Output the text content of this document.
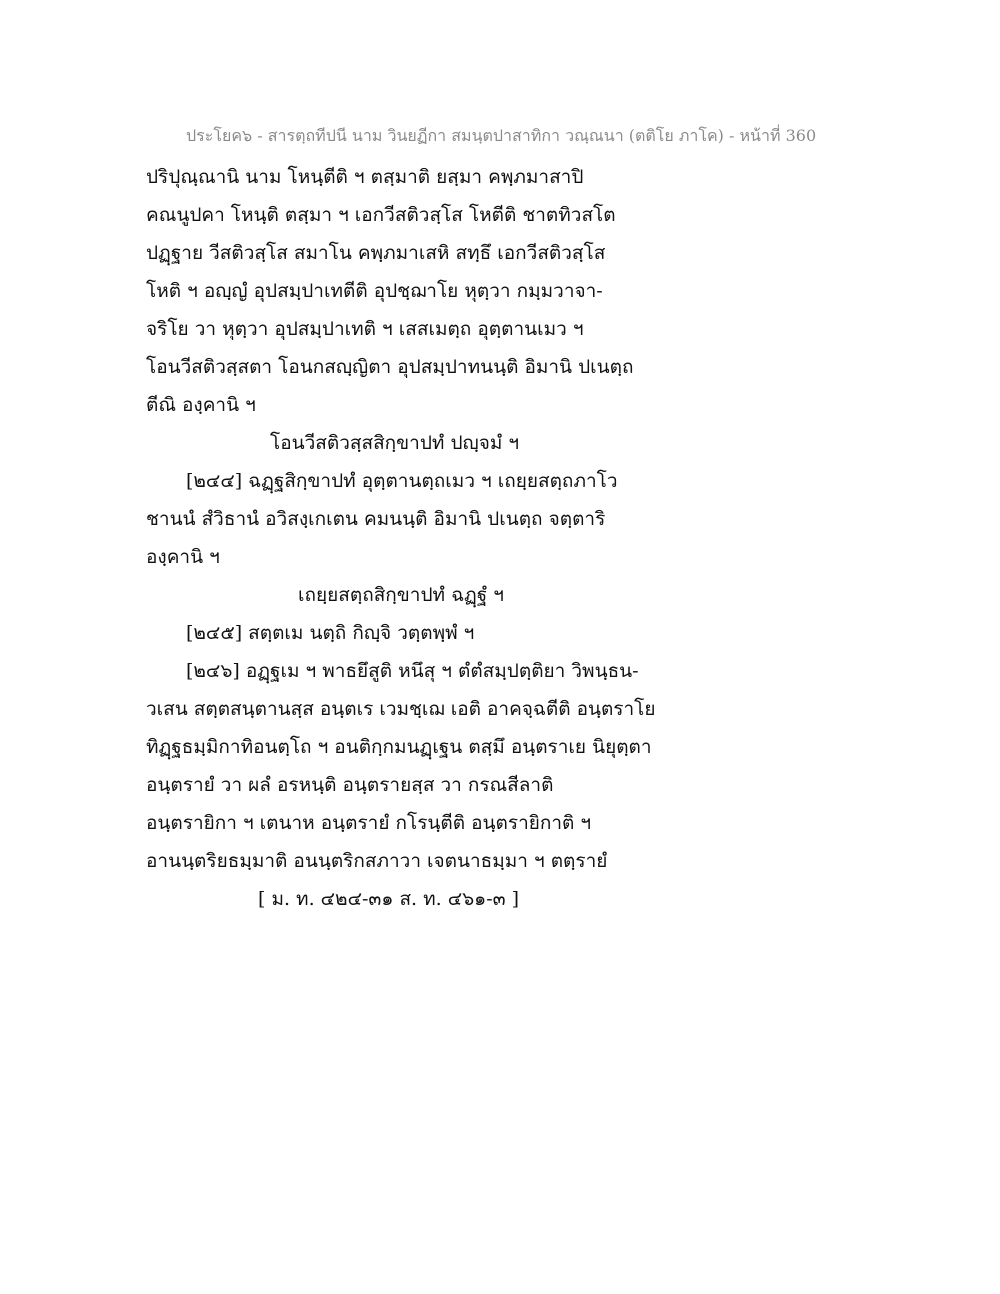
ประโยค๖ - สารตฺถทีปนี นาม วินยฏีกา สมนฺตปาสาทิกา วณฺณนา (ตติโย ภาโค) - หน้าที่ 360
ปริปุณฺณานิ นาม โหนฺตีติ ฯ ตสฺมาติ ยสฺมา คพฺภมาสาปิ
คณนูปคา โหนฺติ ตสฺมา ฯ เอกวีสติวสฺโส โหตีติ ชาตทิวสโต
ปฏฺฐาย วีสติวสฺโส สมาโน คพฺภมาเสหิ สทฺธึ เอกวีสติวสฺโส
โหติ ฯ อญฺญํ อุปสมฺปาเทตีติ อุปชฺฌาโย หุตฺวา กมฺมวาจา-
จริโย วา หุตฺวา อุปสมฺปาเทติ ฯ เสสเมตฺถ อุตฺตานเมว ฯ
โอนวีสติวสฺสตา โอนกสญฺญิตา อุปสมฺปาทนนฺติ อิมานิ ปเนตฺถ
ตีณิ องฺคานิ ฯ
โอนวีสติวสฺสสิกฺขาปทํ ปญฺจมํ ฯ
[๒๔๔] ฉฏฺฐสิกฺขาปทํ อุตฺตานตฺถเมว ฯ เถยฺยสตฺถภาโว
ชานนํ สํวิธานํ อวิสงฺเกเตน คมนนฺติ อิมานิ ปเนตฺถ จตฺตาริ
องฺคานิ ฯ
เถยฺยสตฺถสิกฺขาปทํ ฉฏฺฐํ ฯ
[๒๔๕] สตฺตเม นตฺถิ กิญฺจิ วตฺตพฺพํ ฯ
[๒๔๖] อฏฺฐเม ฯ พาธยึสูติ หนึสุ ฯ ตํตํสมฺปตฺติยา วิพนฺธน-
วเสน สตฺตสนฺตานสฺส อนฺตเร เวมชฺเฌ เอติ อาคจฺฉตีติ อนฺตราโย
ทิฏฺฐธมฺมิกาทิอนตฺโถ ฯ อนติกฺกมนฏฺเฐน ตสฺมึ อนฺตราเย นิยุตฺตา
อนฺตรายํ วา ผลํ อรหนฺติ อนฺตรายสฺส วา กรณสีลาติ
อนฺตรายิกา ฯ เตนาห อนฺตรายํ กโรนฺตีติ อนฺตรายิกาติ ฯ
อานนฺตริยธมฺมาติ อนนฺตริกสภาวา เจตนาธมฺมา ฯ ตตฺรายํ
[ ม. ท. ๔๒๔-๓๑ ส. ท. ๔๖๑-๓ ]
